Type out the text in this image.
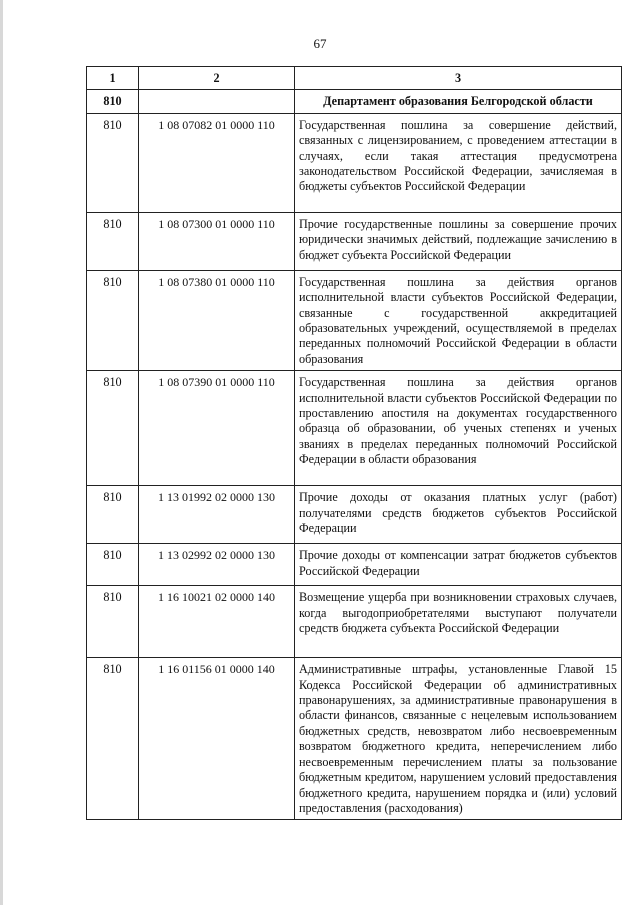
67
1	2	3
810		Департамент образования Белгородской области
810	1 08 07082 01 0000 110	Государственная пошлина за совершение действий, связанных с лицензированием, с проведением аттестации в случаях, если такая аттестация предусмотрена законодательством Российской Федерации, зачисляемая в бюджеты субъектов Российской Федерации
810	1 08 07300 01 0000 110	Прочие государственные пошлины за совершение прочих юридически значимых действий, подлежащие зачислению в бюджет субъекта Российской Федерации
810	1 08 07380 01 0000 110	Государственная пошлина за действия органов исполнительной власти субъектов Российской Федерации, связанные с государственной аккредитацией образовательных учреждений, осуществляемой в пределах переданных полномочий Российской Федерации в области образования
810	1 08 07390 01 0000 110	Государственная пошлина за действия органов исполнительной власти субъектов Российской Федерации по проставлению апостиля на документах государственного образца об образовании, об ученых степенях и ученых званиях в пределах переданных полномочий Российской Федерации в области образования
810	1 13 01992 02 0000 130	Прочие доходы от оказания платных услуг (работ) получателями средств бюджетов субъектов Российской Федерации
810	1 13 02992 02 0000 130	Прочие доходы от компенсации затрат бюджетов субъектов Российской Федерации
810	1 16 10021 02 0000 140	Возмещение ущерба при возникновении страховых случаев, когда выгодоприобретателями выступают получатели средств бюджета субъекта Российской Федерации
810	1 16 01156 01 0000 140	Административные штрафы, установленные Главой 15 Кодекса Российской Федерации об административных правонарушениях, за административные правонарушения в области финансов, связанные с нецелевым использованием бюджетных средств, невозвратом либо несвоевременным возвратом бюджетного кредита, неперечислением либо несвоевременным перечислением платы за пользование бюджетным кредитом, нарушением условий предоставления бюджетного кредита, нарушением порядка и (или) условий предоставления (расходования)
